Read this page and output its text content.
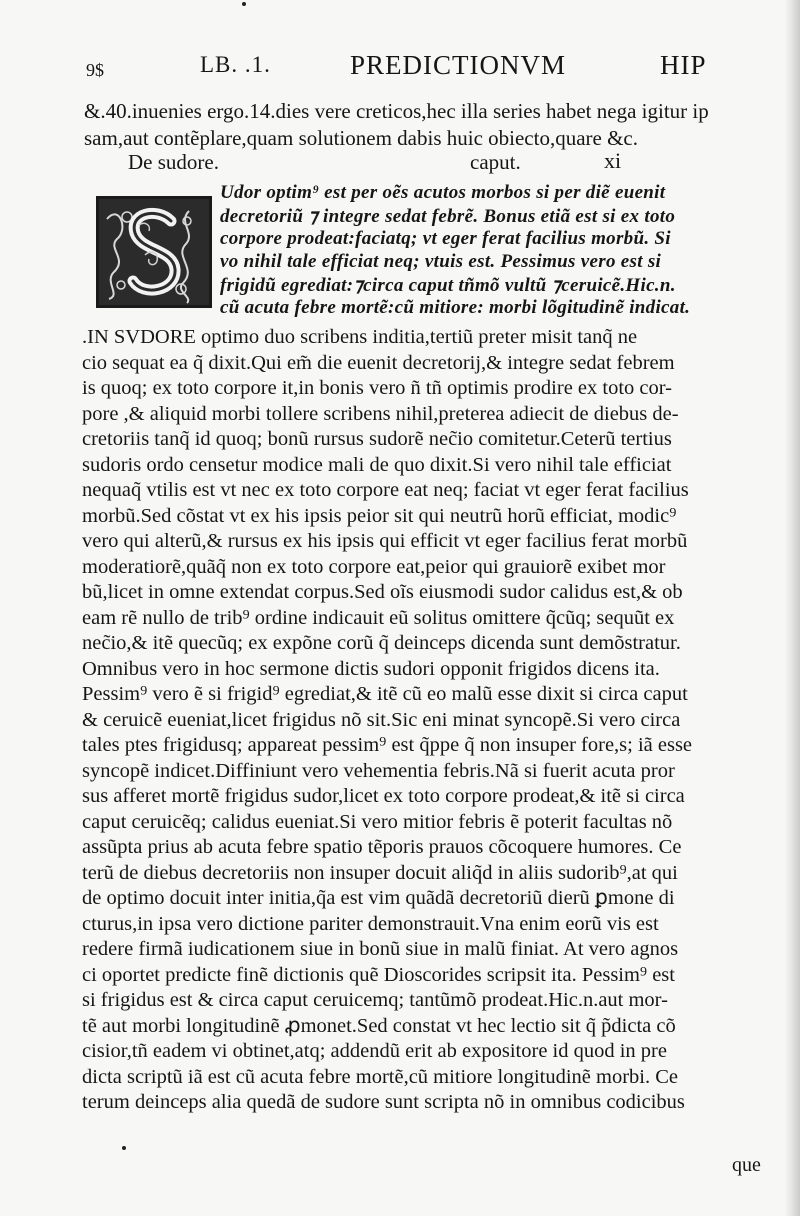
9$	LB. .1.	PREDICTIONVM	HIP
&.40.inuenies ergo.14.dies vere creticos,hec illa series habet nega igitur ip
sam,aut contẽplare,quam solutionem dabis huic obiecto,quare &c.
De sudore.	caput.	xi
Udor optim⁹ est per oẽs acutos morbos si per diẽ euenit
decretoriũ ⁊ integre sedat febrẽ. Bonus etiã est si ex toto
corpore prodeat:faciatq; vt eger ferat facilius morbũ. Si
vo nihil tale efficiat neq; vtuis est. Pessimus vero est si
frigidũ egrediat:⁊circa caput tñmõ vultũ ⁊ceruicẽ.Hic.n.
cũ acuta febre mortẽ:cũ mitiore: morbi lõgitudinẽ indicat.
.IN SVDORE optimo duo scribens inditia,tertiũ preter misit tanq̃ ne
cio sequat ea q̃ dixit.Qui em̃ die euenit decretorij,& integre sedat febrem
is quoq; ex toto corpore it,in bonis vero ñ tñ optimis prodire ex toto cor-
pore ,& aliquid morbi tollere scribens nihil,preterea adiecit de diebus de-
cretoriis tanq̃ id quoq; bonũ rursus sudorẽ nec̃io comitetur.Ceterũ tertius
sudoris ordo censetur modice mali de quo dixit.Si vero nihil tale efficiat
nequaq̃ vtilis est vt nec ex toto corpore eat neq; faciat vt eger ferat facilius
morbũ.Sed cõstat vt ex his ipsis peior sit qui neutrũ horũ efficiat, modic⁹
vero qui alterũ,& rursus ex his ipsis qui efficit vt eger facilius ferat morbũ
moderatiorẽ,quãq̃ non ex toto corpore eat,peior qui grauiorẽ exibet mor
bũ,licet in omne extendat corpus.Sed oĩs eiusmodi sudor calidus est,& ob
eam rẽ nullo de trib⁹ ordine indicauit eũ solitus omittere q̃cũq; sequũt ex
nec̃io,& itẽ quecũq; ex expõne corũ q̃ deinceps dicenda sunt demõstratur.
Omnibus vero in hoc sermone dictis sudori opponit frigidos dicens ita.
Pessim⁹ vero ẽ si frigid⁹ egrediat,& itẽ cũ eo malũ esse dixit si circa caput
& ceruicẽ eueniat,licet frigidus nõ sit.Sic eni minat syncopẽ.Si vero circa
tales ptes frigidusq; appareat pessim⁹ est q̃ppe q̃ non insuper fore,s; iã esse
syncopẽ indicet.Diffiniunt vero vehementia febris.Nã si fuerit acuta pror
sus afferet mortẽ frigidus sudor,licet ex toto corpore prodeat,& itẽ si circa
caput ceruicẽq; calidus eueniat.Si vero mitior febris ẽ poterit facultas nõ
assũpta prius ab acuta febre spatio tẽporis prauos cõcoquere humores. Ce
terũ de diebus decretoriis non insuper docuit aliq̃d in aliis sudorib⁹,at qui
de optimo docuit inter initia,q̃a est vim quãdã decretoriũ dierũ ꝑmone di
cturus,in ipsa vero dictione pariter demonstrauit.Vna enim eorũ vis est
redere firmã iudicationem siue in bonũ siue in malũ finiat. At vero agnos
ci oportet predicte finẽ dictionis quẽ Dioscorides scripsit ita. Pessim⁹ est
si frigidus est & circa caput ceruicemq; tantũmõ prodeat.Hic.n.aut mor-
tẽ aut morbi longitudinẽ ꝓmonet.Sed constat vt hec lectio sit q̃ p̃dicta cõ
cisior,tñ eadem vi obtinet,atq; addendũ erit ab expositore id quod in pre
dicta scriptũ iã est cũ acuta febre mortẽ,cũ mitiore longitudinẽ morbi. Ce
terum deinceps alia quedã de sudore sunt scripta nõ in omnibus codicibus
que
